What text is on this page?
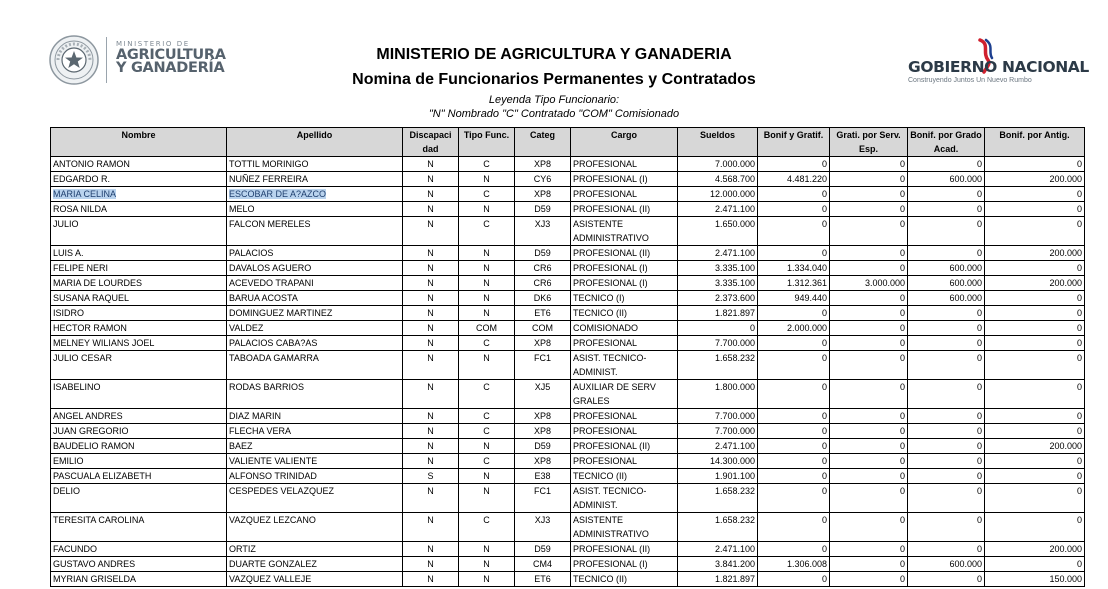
MINISTERIO DE
AGRICULTURA
Y GANADERÍA
MINISTERIO DE AGRICULTURA Y GANADERIA
Nomina de Funcionarios Permanentes y Contratados
Leyenda Tipo Funcionario:
"N" Nombrado "C" Contratado "COM" Comisionado
GOBIERNO NACIONAL
Construyendo Juntos Un Nuevo Rumbo
Nombre	Apellido	Discapaci dad	Tipo Func.	Categ	Cargo	Sueldos	Bonif y Gratif.	Grati. por Serv. Esp.	Bonif. por Grado Acad.	Bonif. por Antig.
ANTONIO RAMON	TOTTIL MORINIGO	N	C	XP8	PROFESIONAL	7.000.000	0	0	0	0
EDGARDO R.	NUÑEZ FERREIRA	N	N	CY6	PROFESIONAL (I)	4.568.700	4.481.220	0	600.000	200.000
MARIA CELINA	ESCOBAR DE A?AZCO	N	C	XP8	PROFESIONAL	12.000.000	0	0	0	0
ROSA NILDA	MELO	N	N	D59	PROFESIONAL (II)	2.471.100	0	0	0	0
JULIO	FALCON MERELES	N	C	XJ3	ASISTENTE ADMINISTRATIVO	1.650.000	0	0	0	0
LUIS A.	PALACIOS	N	N	D59	PROFESIONAL (II)	2.471.100	0	0	0	200.000
FELIPE NERI	DAVALOS AGUERO	N	N	CR6	PROFESIONAL (I)	3.335.100	1.334.040	0	600.000	0
MARIA DE LOURDES	ACEVEDO TRAPANI	N	N	CR6	PROFESIONAL (I)	3.335.100	1.312.361	3.000.000	600.000	200.000
SUSANA RAQUEL	BARUA ACOSTA	N	N	DK6	TECNICO (I)	2.373.600	949.440	0	600.000	0
ISIDRO	DOMINGUEZ MARTINEZ	N	N	ET6	TECNICO (II)	1.821.897	0	0	0	0
HECTOR RAMON	VALDEZ	N	COM	COM	COMISIONADO	0	2.000.000	0	0	0
MELNEY WILIANS JOEL	PALACIOS CABA?AS	N	C	XP8	PROFESIONAL	7.700.000	0	0	0	0
JULIO CESAR	TABOADA GAMARRA	N	N	FC1	ASIST. TECNICO-ADMINIST.	1.658.232	0	0	0	0
ISABELINO	RODAS BARRIOS	N	C	XJ5	AUXILIAR DE SERV GRALES	1.800.000	0	0	0	0
ANGEL ANDRES	DIAZ MARIN	N	C	XP8	PROFESIONAL	7.700.000	0	0	0	0
JUAN GREGORIO	FLECHA VERA	N	C	XP8	PROFESIONAL	7.700.000	0	0	0	0
BAUDELIO RAMON	BAEZ	N	N	D59	PROFESIONAL (II)	2.471.100	0	0	0	200.000
EMILIO	VALIENTE VALIENTE	N	C	XP8	PROFESIONAL	14.300.000	0	0	0	0
PASCUALA ELIZABETH	ALFONSO TRINIDAD	S	N	E38	TECNICO (II)	1.901.100	0	0	0	0
DELIO	CESPEDES VELAZQUEZ	N	N	FC1	ASIST. TECNICO-ADMINIST.	1.658.232	0	0	0	0
TERESITA CAROLINA	VAZQUEZ LEZCANO	N	C	XJ3	ASISTENTE ADMINISTRATIVO	1.658.232	0	0	0	0
FACUNDO	ORTIZ	N	N	D59	PROFESIONAL (II)	2.471.100	0	0	0	200.000
GUSTAVO ANDRES	DUARTE GONZALEZ	N	N	CM4	PROFESIONAL (I)	3.841.200	1.306.008	0	600.000	0
MYRIAN GRISELDA	VAZQUEZ VALLEJE	N	N	ET6	TECNICO (II)	1.821.897	0	0	0	150.000
